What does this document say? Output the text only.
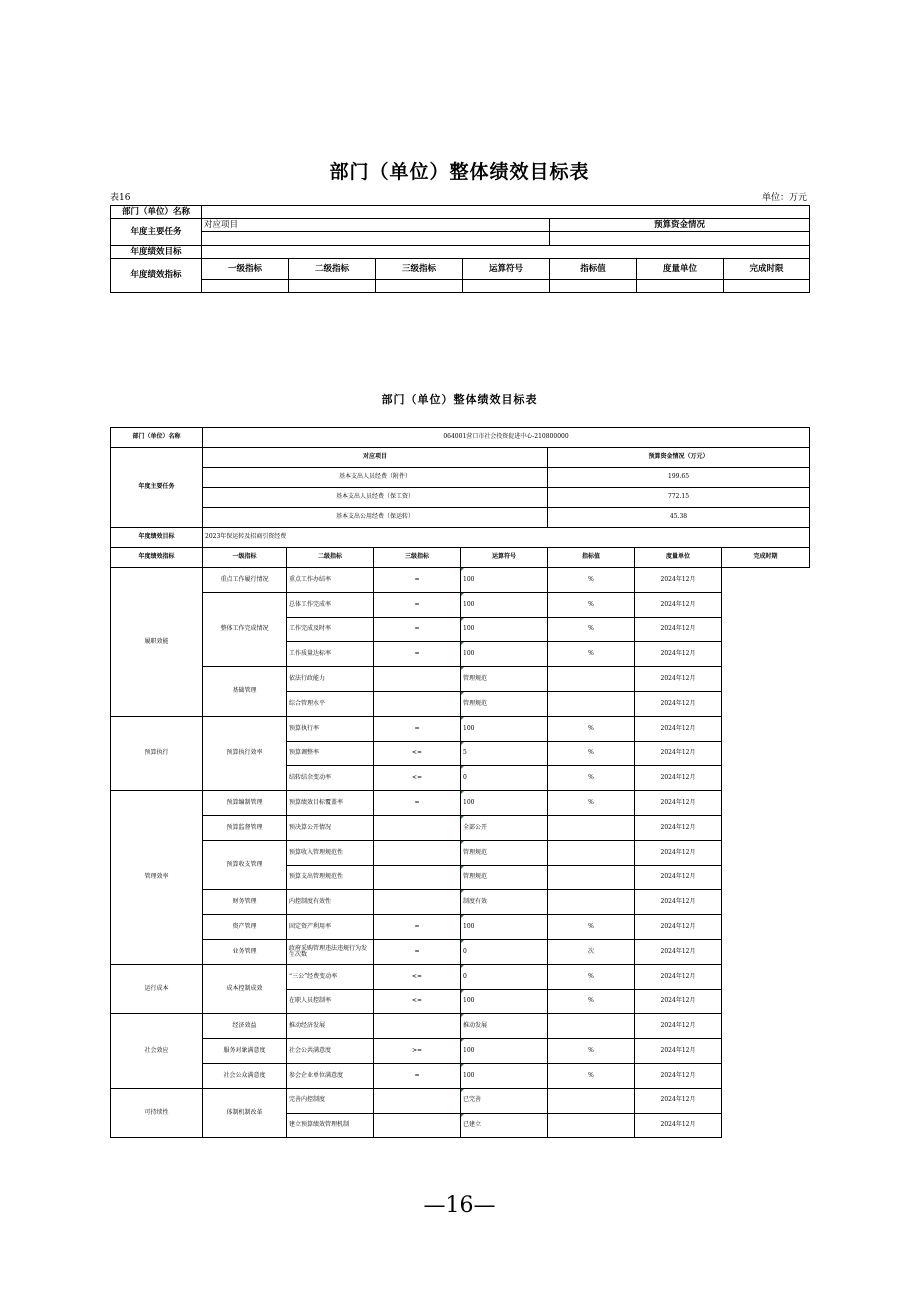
部门（单位）整体绩效目标表
表16	单位：万元
部门（单位）名称							
年度主要任务	对应项目				预算资金情况		

年度绩效目标							
年度绩效指标	一级指标	二级指标	三级指标	运算符号	指标值	度量单位	完成时限

部门（单位）整体绩效目标表
部门（单位）名称	064001营口市社会投资促进中心-210800000						
年度主要任务	对应项目				预算资金情况（万元）		
	基本支出人员经费（附件）				199.65		
	基本支出人员经费（保工资）				772.15		
	基本支出公用经费（保运转）				45.38		
年度绩效目标	2023年保运转及招商引资经费						
年度绩效指标	一级指标	二级指标	三级指标	运算符号	指标值	度量单位	完成时期
履职效能	重点工作履行情况	重点工作办结率	=	100	%	2024年12月	
	整体工作完成情况	总体工作完成率	=	100	%	2024年12月	
		工作完成及时率	=	100	%	2024年12月	
		工作质量达标率	=	100	%	2024年12月	
	基础管理	依法行政能力		管理规范		2024年12月	
		综合管理水平		管理规范		2024年12月	
预算执行	预算执行效率	预算执行率	=	100	%	2024年12月	
		预算调整率	<=	5	%	2024年12月	
		结转结余变动率	<=	0	%	2024年12月	
管理效率	预算编制管理	预算绩效目标覆盖率	=	100	%	2024年12月	
	预算监督管理	预决算公开情况		全部公开		2024年12月	
	预算收支管理	预算收入管理规范性		管理规范		2024年12月	
		预算支出管理规范性		管理规范		2024年12月	
	财务管理	内控制度有效性		制度有效		2024年12月	
	资产管理	固定资产利用率	=	100	%	2024年12月	
	业务管理	政府采购管理违法违规行为发生次数	=	0	次	2024年12月	
运行成本	成本控制成效	“三公”经费变动率	<=	0	%	2024年12月	
		在职人员控制率	<=	100	%	2024年12月	
社会效应	经济效益	推动经济发展		推动发展		2024年12月	
	服务对象满意度	社会公共满意度	>=	100	%	2024年12月	
	社会公众满意度	参会企业单位满意度	=	100	%	2024年12月	
可持续性	体制机制改革	完善内控制度		已完善		2024年12月	
		建立预算绩效管理机制		已建立		2024年12月	
—16—
